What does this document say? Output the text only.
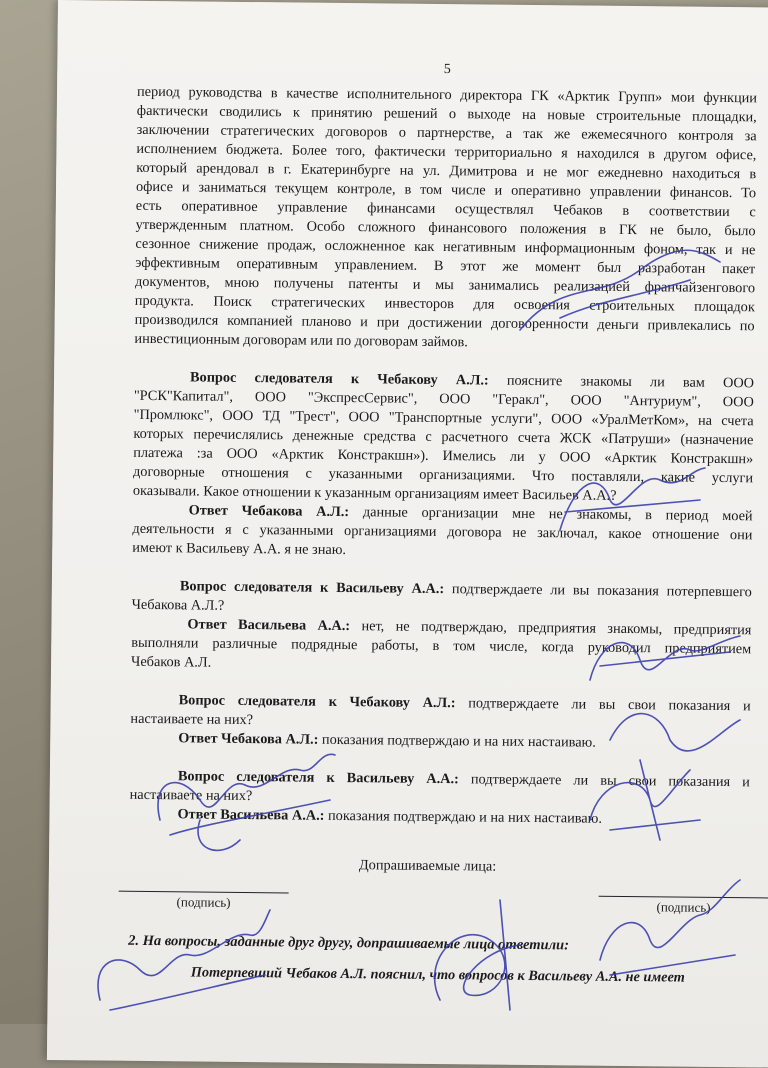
5
период руководства в качестве исполнительного директора ГК «Арктик Групп» мои функции
фактически сводились к принятию решений о выходе на новые строительные площадки,
заключении стратегических договоров о партнерстве, а так же ежемесячного контроля за
исполнением бюджета. Более того, фактически территориально я находился в другом офисе,
который арендовал в г. Екатеринбурге на ул. Димитрова и не мог ежедневно находиться в
офисе и заниматься текущем контроле, в том числе и оперативно управлении финансов. То
есть оперативное управление финансами осуществлял Чебаков в соответствии с
утвержденным платном. Особо сложного финансового положения в ГК не было, было
сезонное снижение продаж, осложненное как негативным информационным фоном, так и не
эффективным оперативным управлением. В этот же момент был разработан пакет
документов, мною получены патенты и мы занимались реализацией франчайзенгового
продукта. Поиск стратегических инвесторов для освоения строительных площадок
производился компанией планово и при достижении договоренности деньги привлекались по
инвестиционным договорам или по договорам займов.
Вопрос следователя к Чебакову А.Л.: поясните знакомы ли вам ООО
"РСК"Капитал", ООО "ЭкспресСервис", ООО "Геракл", ООО "Антуриум", ООО
"Промлюкс", ООО ТД "Трест", ООО "Транспортные услуги", ООО «УралМетКом», на счета
которых перечислялись денежные средства с расчетного счета ЖСК «Патруши» (назначение
платежа :за ООО «Арктик Констракшн»). Имелись ли у ООО «Арктик Констракшн»
договорные отношения с указанными организациями. Что поставляли, какие услуги
оказывали. Какое отношении к указанным организациям имеет Васильев А.А.?
Ответ Чебакова А.Л.: данные организации мне не знакомы, в период моей
деятельности я с указанными организациями договора не заключал, какое отношение они
имеют к Васильеву А.А. я не знаю.
Вопрос следователя к Васильеву А.А.: подтверждаете ли вы показания потерпевшего
Чебакова А.Л.?
Ответ Васильева А.А.: нет, не подтверждаю, предприятия знакомы, предприятия
выполняли различные подрядные работы, в том числе, когда руководил предприятием
Чебаков А.Л.
Вопрос следователя к Чебакову А.Л.: подтверждаете ли вы свои показания и
настаиваете на них?
Ответ Чебакова А.Л.: показания подтверждаю и на них настаиваю.
Вопрос следователя к Васильеву А.А.: подтверждаете ли вы свои показания и
настаиваете на них?
Ответ Васильева А.А.: показания подтверждаю и на них настаиваю.
Допрашиваемые лица:
(подпись)	(подпись)
2. На вопросы, заданные друг другу, допрашиваемые лица ответили:
Потерпевший Чебаков А.Л. пояснил, что вопросов к Васильеву А.А. не имеет
